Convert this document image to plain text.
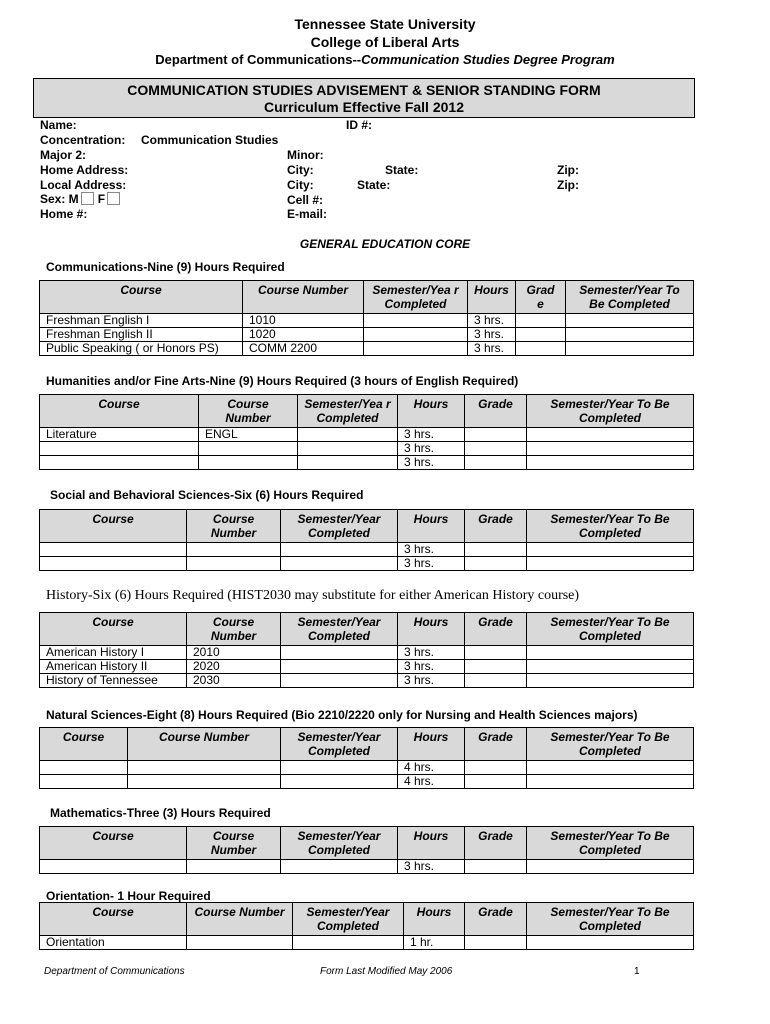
Tennessee State University
College of Liberal Arts
Department of Communications--Communication Studies Degree Program
COMMUNICATION STUDIES ADVISEMENT & SENIOR STANDING FORM
Curriculum Effective Fall 2012
Name:	ID #:
Concentration: Communication Studies
Major 2:	Minor:
Home Address:	City:	State:	Zip:
Local Address:	City:	State:	Zip:
Sex: M F	Cell #:
Home #:	E-mail:
GENERAL EDUCATION CORE
Communications-Nine (9) Hours Required
Course	Course Number	Semester/Yea r Completed	Hours	Grad e	Semester/Year To Be Completed
Freshman English I	1010		3 hrs.		
Freshman English II	1020		3 hrs.		
Public Speaking ( or Honors PS)	COMM 2200		3 hrs.		
Humanities and/or Fine Arts-Nine (9) Hours Required (3 hours of English Required)
Course	Course Number	Semester/Yea r Completed	Hours	Grade	Semester/Year To Be Completed
Literature	ENGL		3 hrs.		
			3 hrs.		
			3 hrs.		
Social and Behavioral Sciences-Six (6) Hours Required
Course	Course Number	Semester/Year Completed	Hours	Grade	Semester/Year To Be Completed
			3 hrs.		
			3 hrs.		
History-Six (6) Hours Required (HIST2030 may substitute for either American History course)
Course	Course Number	Semester/Year Completed	Hours	Grade	Semester/Year To Be Completed
American History I	2010		3 hrs.		
American History II	2020		3 hrs.		
History of Tennessee	2030		3 hrs.		
Natural Sciences-Eight (8) Hours Required (Bio 2210/2220 only for Nursing and Health Sciences majors)
Course	Course Number	Semester/Year Completed	Hours	Grade	Semester/Year To Be Completed
			4 hrs.		
			4 hrs.		
Mathematics-Three (3) Hours Required
Course	Course Number	Semester/Year Completed	Hours	Grade	Semester/Year To Be Completed
			3 hrs.		
Orientation- 1 Hour Required
Course	Course Number	Semester/Year Completed	Hours	Grade	Semester/Year To Be Completed
Orientation			1 hr.		
Department of Communications	Form Last Modified May 2006	1
